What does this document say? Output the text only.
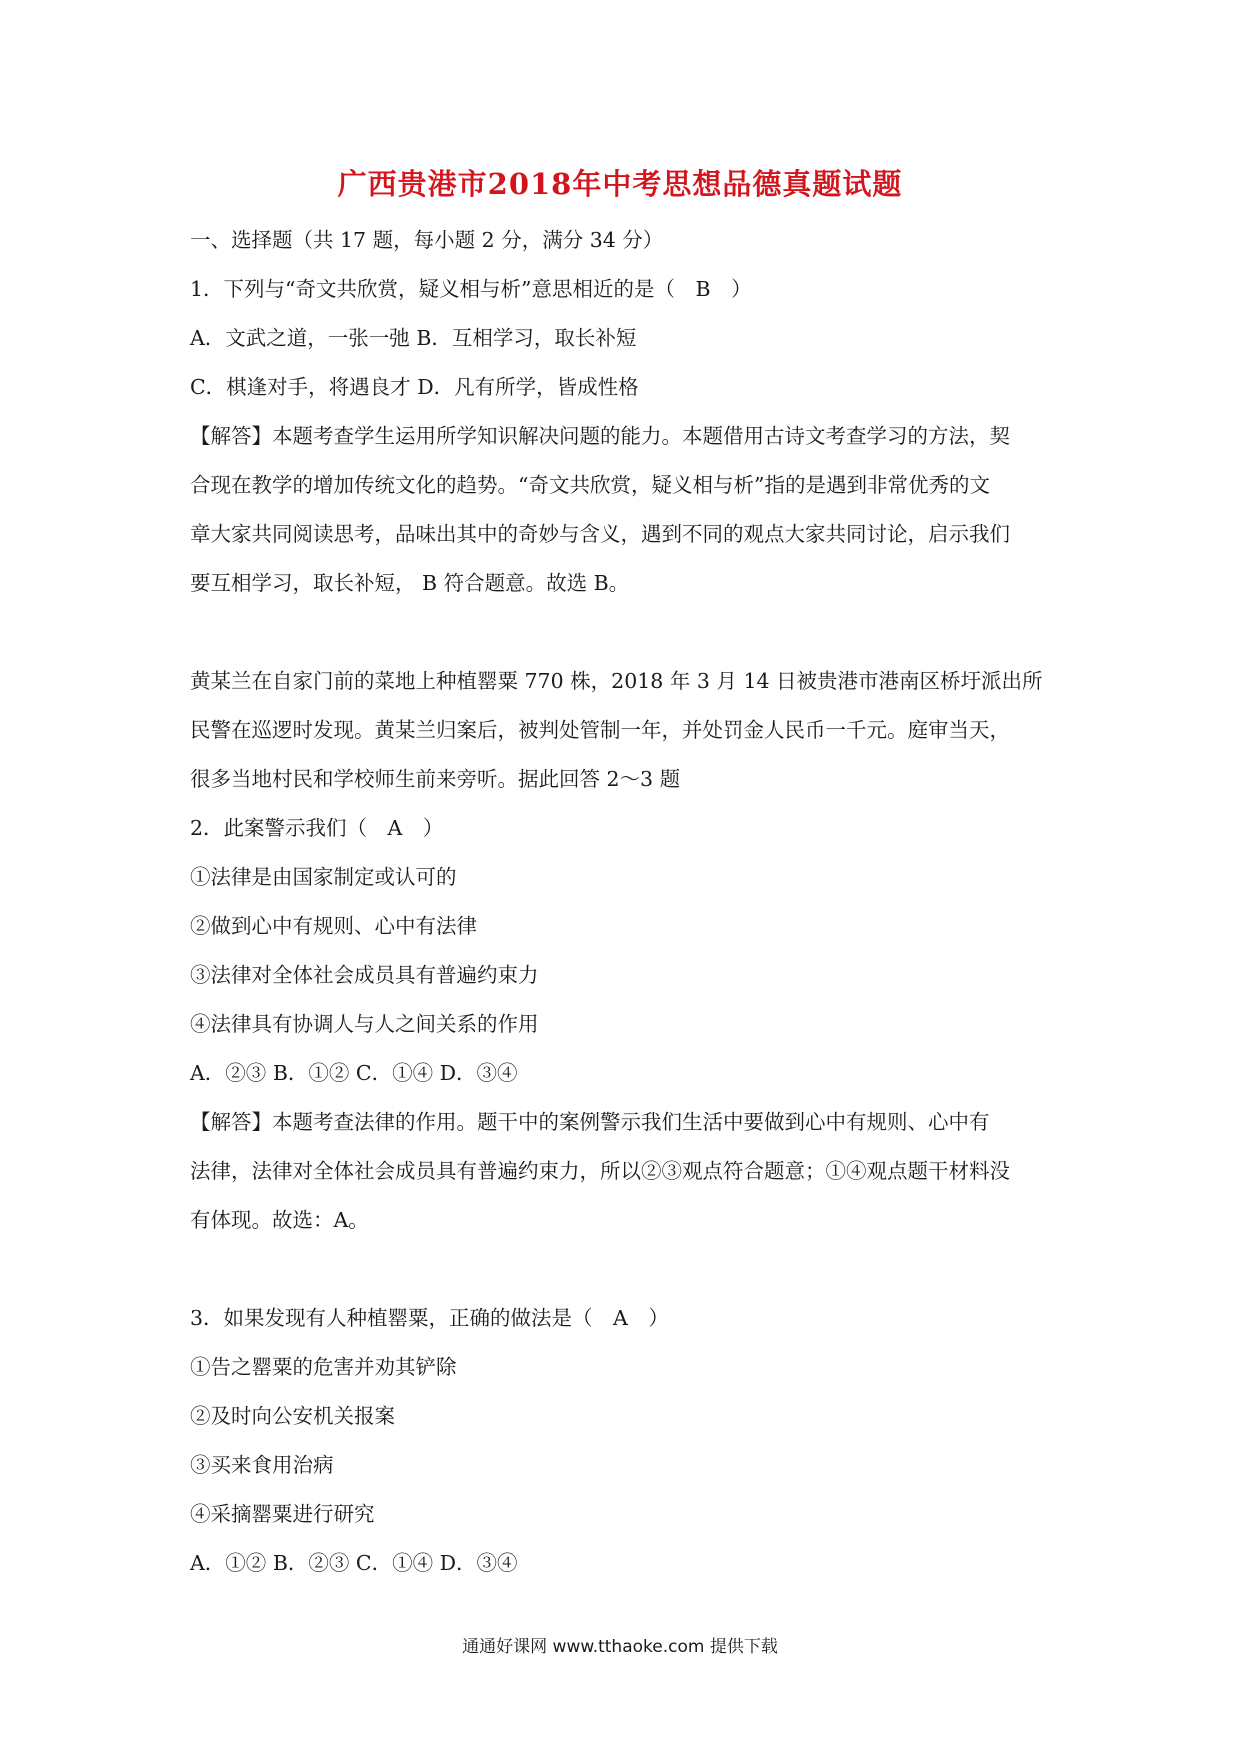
广西贵港市2018年中考思想品德真题试题
一、选择题（共 17 题，每小题 2 分，满分 34 分）
1．下列与“奇文共欣赏，疑义相与析”意思相近的是（　B　）
A．文武之道，一张一弛 B．互相学习，取长补短
C．棋逢对手，将遇良才 D．凡有所学，皆成性格
【解答】本题考查学生运用所学知识解决问题的能力。本题借用古诗文考查学习的方法，契
合现在教学的增加传统文化的趋势。“奇文共欣赏，疑义相与析”指的是遇到非常优秀的文
章大家共同阅读思考，品味出其中的奇妙与含义，遇到不同的观点大家共同讨论，启示我们
要互相学习，取长补短， B 符合题意。故选 B。
黄某兰在自家门前的菜地上种植罂粟 770 株，2018 年 3 月 14 日被贵港市港南区桥圩派出所
民警在巡逻时发现。黄某兰归案后，被判处管制一年，并处罚金人民币一千元。庭审当天，
很多当地村民和学校师生前来旁听。据此回答 2～3 题
2．此案警示我们（　A　）
①法律是由国家制定或认可的
②做到心中有规则、心中有法律
③法律对全体社会成员具有普遍约束力
④法律具有协调人与人之间关系的作用
A．②③ B．①② C．①④ D．③④
【解答】本题考查法律的作用。题干中的案例警示我们生活中要做到心中有规则、心中有
法律，法律对全体社会成员具有普遍约束力，所以②③观点符合题意；①④观点题干材料没
有体现。故选：A。
3．如果发现有人种植罂粟，正确的做法是（　A　）
①告之罂粟的危害并劝其铲除
②及时向公安机关报案
③买来食用治病
④采摘罂粟进行研究
A．①② B．②③ C．①④ D．③④
通通好课网 www.tthaoke.com 提供下载
